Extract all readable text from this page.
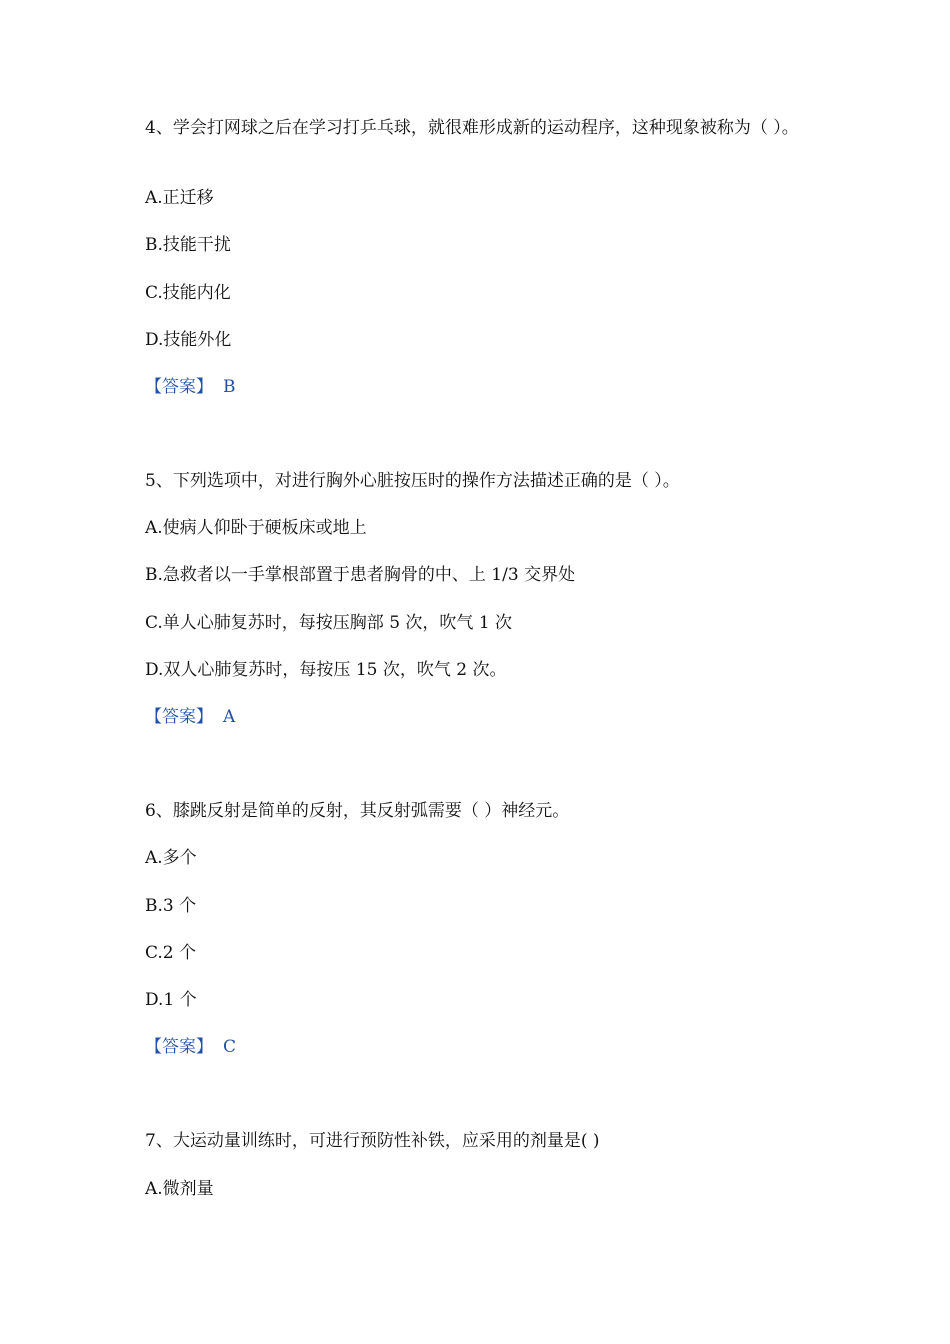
4、学会打网球之后在学习打乒乓球，就很难形成新的运动程序，这种现象被称为（ ）。
A.正迁移
B.技能干扰
C.技能内化
D.技能外化
【答案】 B
5、下列选项中，对进行胸外心脏按压时的操作方法描述正确的是（ ）。
A.使病人仰卧于硬板床或地上
B.急救者以一手掌根部置于患者胸骨的中、上 1/3 交界处
C.单人心肺复苏时，每按压胸部 5 次，吹气 1 次
D.双人心肺复苏时，每按压 15 次，吹气 2 次。
【答案】 A
6、膝跳反射是简单的反射，其反射弧需要（ ）神经元。
A.多个
B.3 个
C.2 个
D.1 个
【答案】 C
7、大运动量训练时，可进行预防性补铁，应采用的剂量是( )
A.微剂量
